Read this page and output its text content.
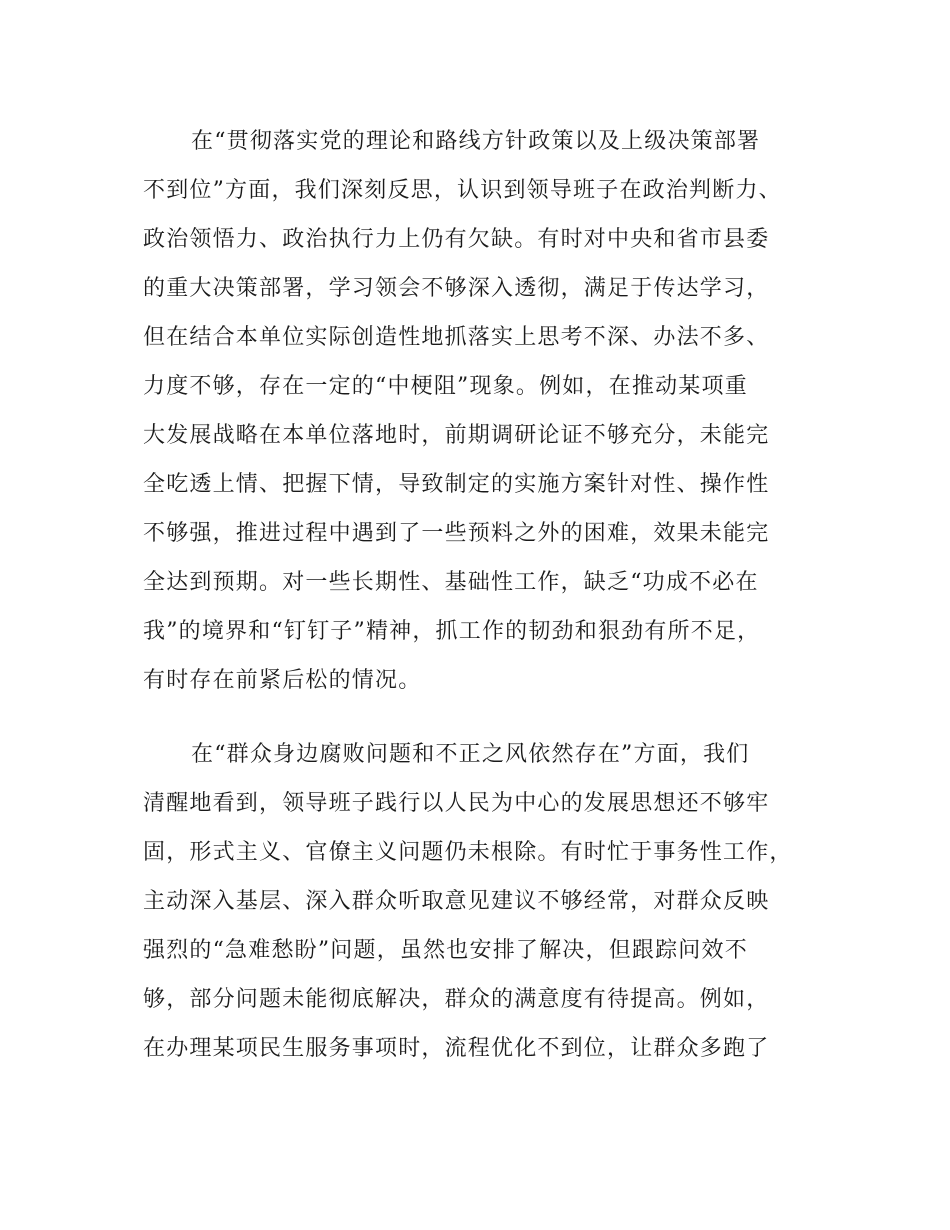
在“贯彻落实党的理论和路线方针政策以及上级决策部署
不到位”方面，我们深刻反思，认识到领导班子在政治判断力、
政治领悟力、政治执行力上仍有欠缺。有时对中央和省市县委
的重大决策部署，学习领会不够深入透彻，满足于传达学习，
但在结合本单位实际创造性地抓落实上思考不深、办法不多、
力度不够，存在一定的“中梗阻”现象。例如，在推动某项重
大发展战略在本单位落地时，前期调研论证不够充分，未能完
全吃透上情、把握下情，导致制定的实施方案针对性、操作性
不够强，推进过程中遇到了一些预料之外的困难，效果未能完
全达到预期。对一些长期性、基础性工作，缺乏“功成不必在
我”的境界和“钉钉子”精神，抓工作的韧劲和狠劲有所不足，
有时存在前紧后松的情况。
在“群众身边腐败问题和不正之风依然存在”方面，我们
清醒地看到，领导班子践行以人民为中心的发展思想还不够牢
固，形式主义、官僚主义问题仍未根除。有时忙于事务性工作，
主动深入基层、深入群众听取意见建议不够经常，对群众反映
强烈的“急难愁盼”问题，虽然也安排了解决，但跟踪问效不
够，部分问题未能彻底解决，群众的满意度有待提高。例如，
在办理某项民生服务事项时，流程优化不到位，让群众多跑了
